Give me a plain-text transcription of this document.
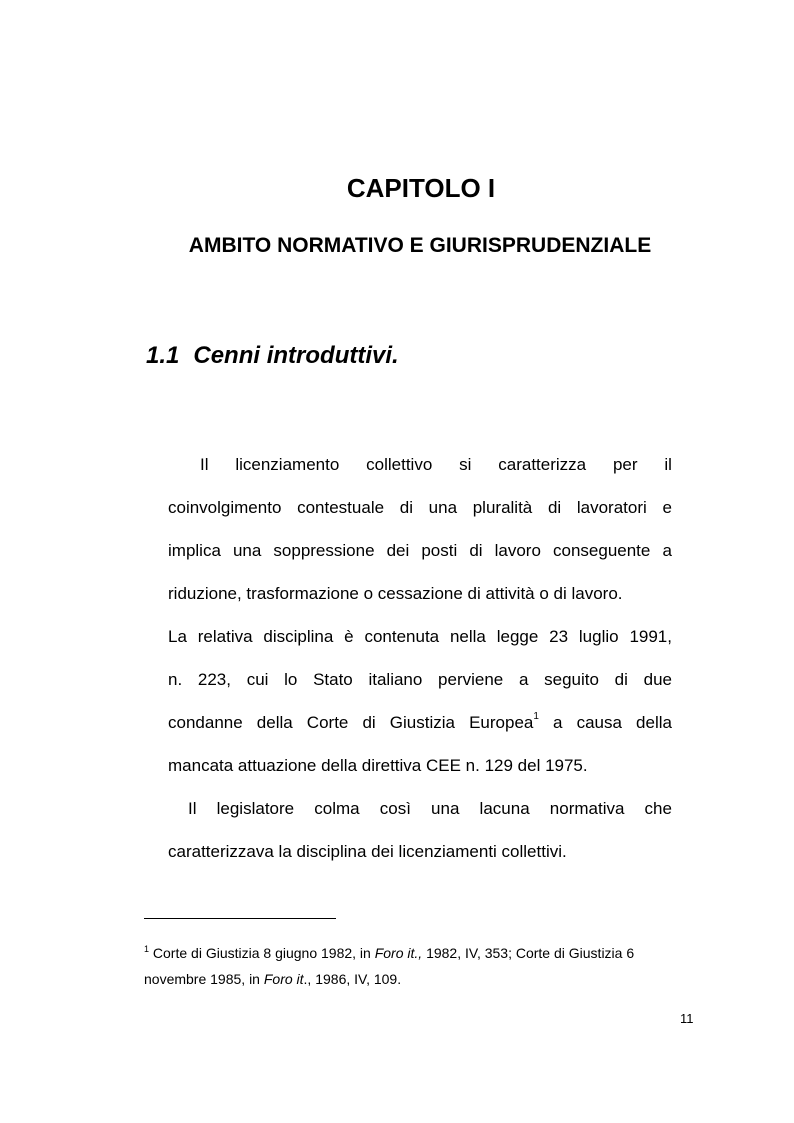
CAPITOLO I
AMBITO NORMATIVO E GIURISPRUDENZIALE
1.1 Cenni introduttivi.
Il licenziamento collettivo si caratterizza per il
coinvolgimento contestuale di una pluralità di lavoratori e
implica una soppressione dei posti di lavoro conseguente a
riduzione, trasformazione o cessazione di attività o di lavoro.
La relativa disciplina è contenuta nella legge 23 luglio 1991,
n. 223, cui lo Stato italiano perviene a seguito di due
condanne della Corte di Giustizia Europea$^1$ a causa della
mancata attuazione della direttiva CEE n. 129 del 1975.
Il legislatore colma così una lacuna normativa che
caratterizzava la disciplina dei licenziamenti collettivi.
$^1$ Corte di Giustizia 8 giugno 1982, in Foro it., 1982, IV, 353; Corte di Giustizia 6
novembre 1985, in Foro it., 1986, IV, 109.
11
